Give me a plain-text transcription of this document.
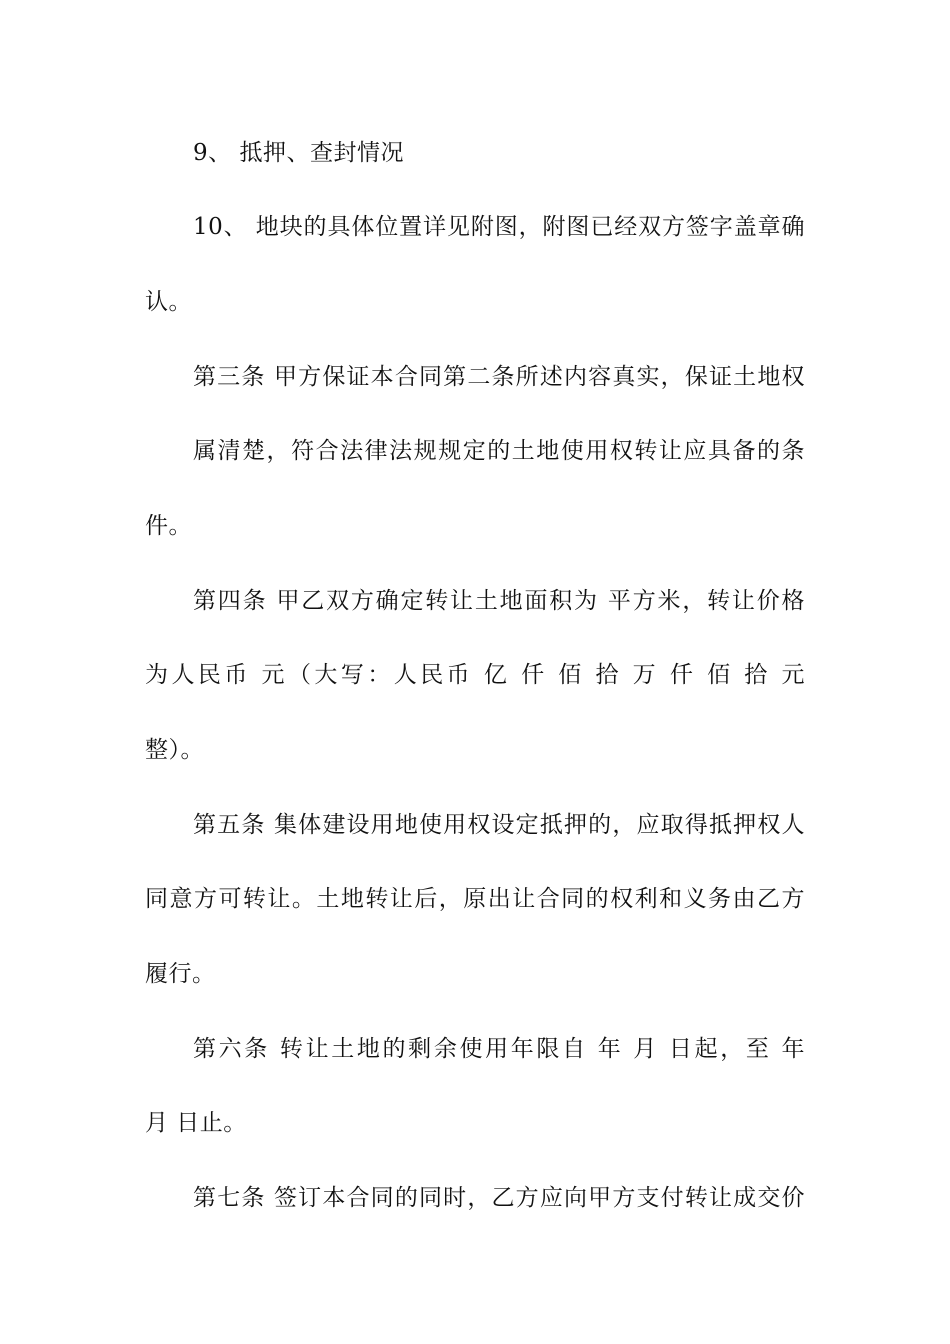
9、 抵押、查封情况
10、 地块的具体位置详见附图，附图已经双方签字盖章确
认。
第三条 甲方保证本合同第二条所述内容真实，保证土地权
属清楚，符合法律法规规定的土地使用权转让应具备的条
件。
第四条 甲乙双方确定转让土地面积为 平方米，转让价格
为人民币 元（大写：人民币 亿 仟 佰 拾 万 仟 佰 拾 元
整）。
第五条 集体建设用地使用权设定抵押的，应取得抵押权人
同意方可转让。土地转让后，原出让合同的权利和义务由乙方
履行。
第六条 转让土地的剩余使用年限自 年 月 日起，至 年
月 日止。
第七条 签订本合同的同时，乙方应向甲方支付转让成交价
